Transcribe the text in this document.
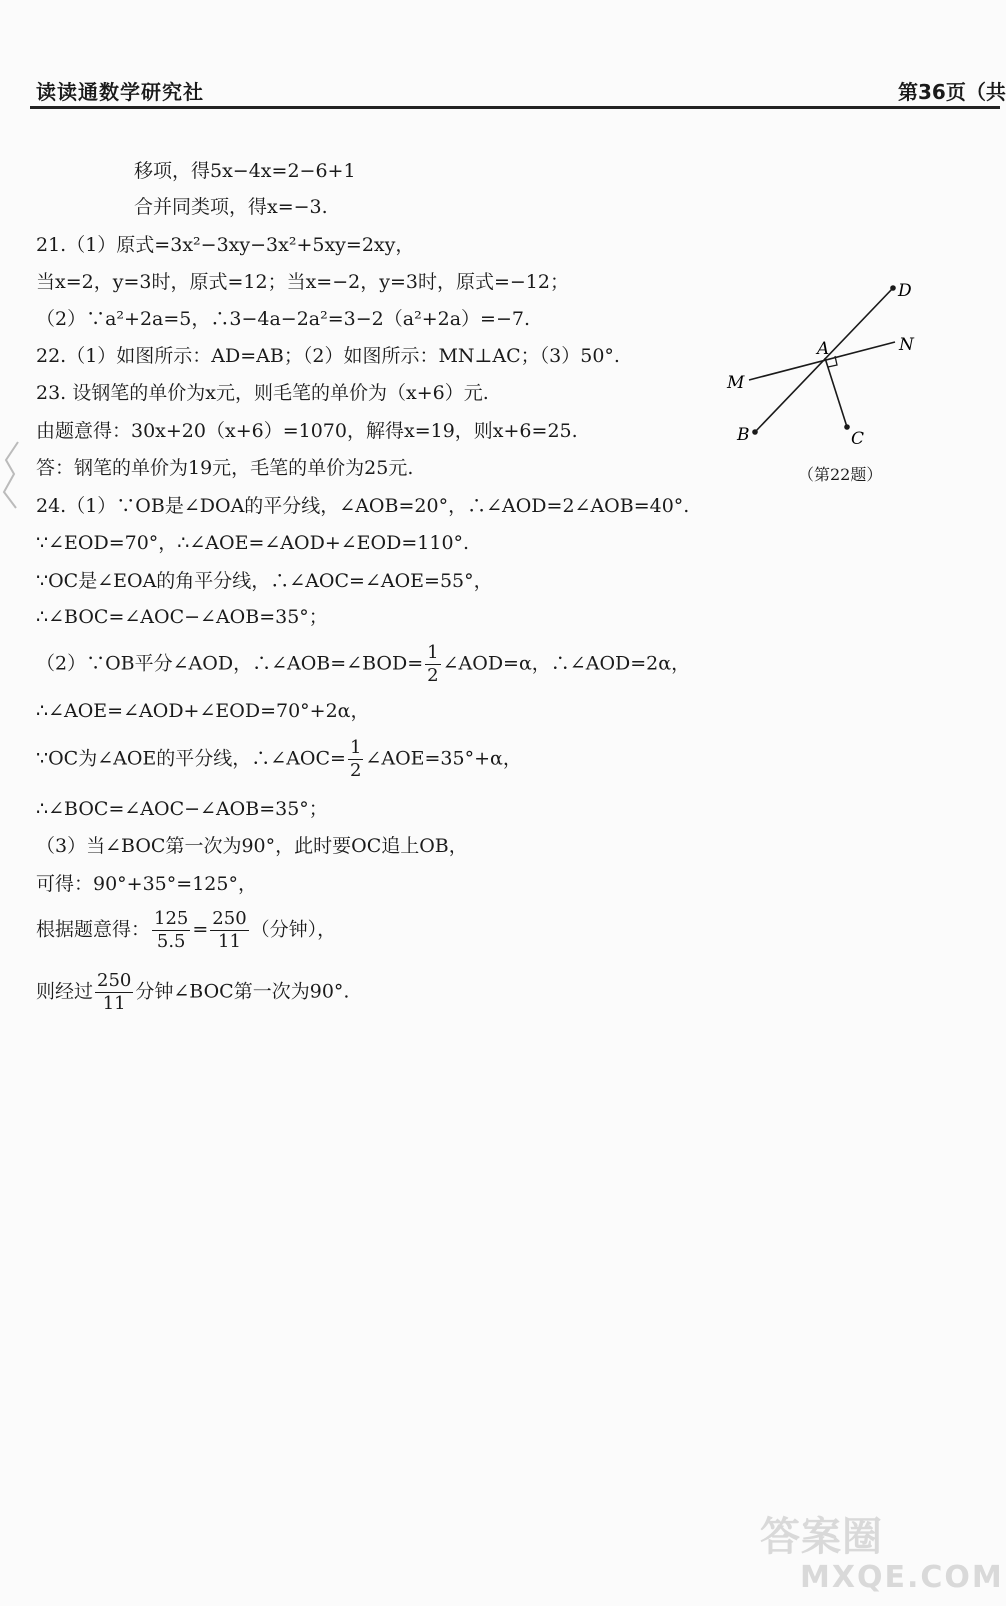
读读通数学研究社	第36页（共
移项，得5x−4x=2−6+1
合并同类项，得x=−3.
21.（1）原式=3x²−3xy−3x²+5xy=2xy，
当x=2，y=3时，原式=12；当x=−2，y=3时，原式=−12；
（2）∵a²+2a=5，∴3−4a−2a²=3−2（a²+2a）=−7.
22.（1）如图所示：AD=AB；（2）如图所示：MN⊥AC；（3）50°.
23. 设钢笔的单价为x元，则毛笔的单价为（x+6）元.
由题意得：30x+20（x+6）=1070，解得x=19，则x+6=25.
答：钢笔的单价为19元，毛笔的单价为25元.
24.（1）∵OB是∠DOA的平分线，∠AOB=20°，∴∠AOD=2∠AOB=40°.
∵∠EOD=70°，∴∠AOE=∠AOD+∠EOD=110°.
∵OC是∠EOA的角平分线，∴∠AOC=∠AOE=55°，
∴∠BOC=∠AOC−∠AOB=35°；
（2）∵OB平分∠AOD，∴∠AOB=∠BOD= $\frac{1}{2}$ ∠AOD=α，∴∠AOD=2α，
∴∠AOE=∠AOD+∠EOD=70°+2α，
∵OC为∠AOE的平分线，∴∠AOC= $\frac{1}{2}$ ∠AOE=35°+α，
∴∠BOC=∠AOC−∠AOB=35°；
（3）当∠BOC第一次为90°，此时要OC追上OB，
可得：90°+35°=125°，
根据题意得： $\frac{125}{5.5} = \frac{250}{11}$ （分钟），
则经过 $\frac{250}{11}$ 分钟∠BOC第一次为90°.
D
N
A
M
B	C
（第22题）
答案圈
MXQE.COM
